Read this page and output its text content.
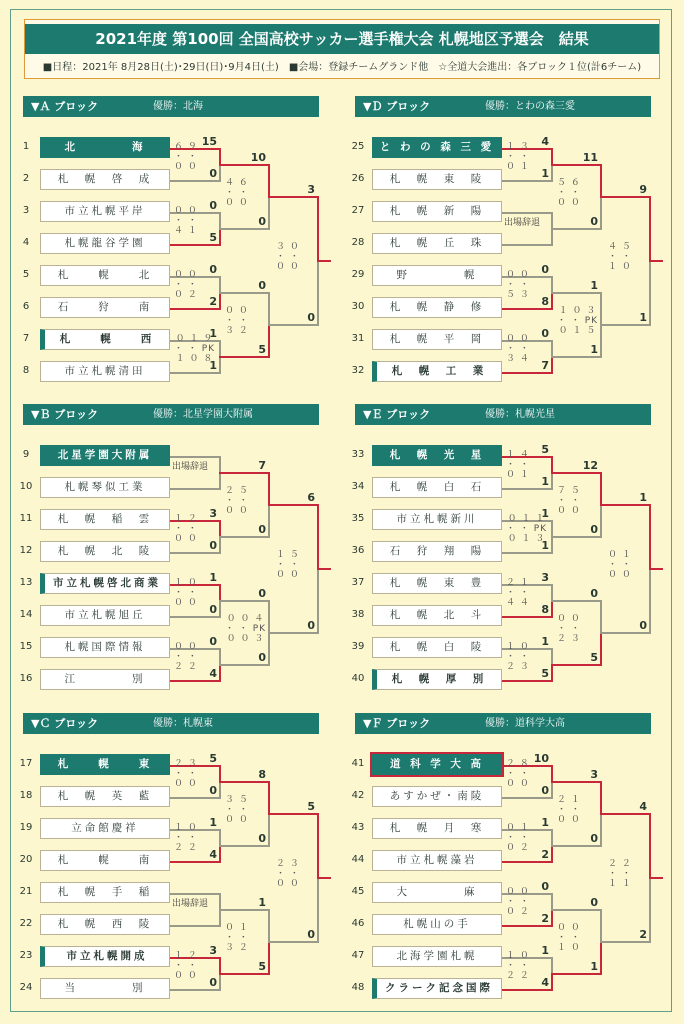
2021年度 第100回 全国高校サッカー選手権大会 札幌地区予選会　結果
■日程：2021年 8月28日(土)･29日(日)･9月4日(土)　■会場：登録チームグランド他　☆全道大会進出：各ブロック１位(計6チーム)
▼Ａ ブロック	優勝：北海
1	北　　　　海
2	札　幌　啓　成
3	市立札幌平岸
4	札幌龍谷学園
5	札　　幌　　北
6	石　　狩　　南
7	札　　幌　　西
8	市立札幌清田
15
0
６ ９
・ ・
０ ０
0
5
０ ０
・ ・
４ １
0
2
０ ０
・ ・
０ ２
1
1
０ １ ９
・ ・ PK
１ ０ ８
10
0
４ ６
・ ・
０ ０
0
5
０ ０
・ ・
３ ２
3
0
３ ０
・ ・
０ ０
▼Ｄ ブロック	優勝：とわの森三愛
25	と わ の 森 三 愛
26	札　幌　東　陵
27	札　幌　新　陽
28	札　幌　丘　珠
29	野　　　　幌
30	札　幌　静　修
31	札　幌　平　岡
32	札　幌　工　業
4
1
１ ３
・ ・
０ １
0
8
０ ０
・ ・
５ ３
0
7
０ ０
・ ・
３ ４
出場辞退
11
0
５ ６
・ ・
０ ０
1
1
１ ０ ３
・ ・ PK
０ １ ５
9
1
４ ５
・ ・
１ ０
▼Ｂ ブロック	優勝：北星学園大附属
9	北星学園大附属
10	札幌琴似工業
11	札　幌　稲　雲
12	札　幌　北　陵
13	市立札幌啓北商業
14	市立札幌旭丘
15	札幌国際情報
16	江　　　　別
3
0
１ ２
・ ・
０ ０
1
0
１ ０
・ ・
０ ０
0
4
０ ０
・ ・
２ ２
出場辞退	7
0
２ ５
・ ・
０ ０
0
0
０ ０ ４
・ ・ PK
０ ０ ３
6
0
１ ５
・ ・
０ ０
▼Ｅ ブロック	優勝：札幌光星
33	札　幌　光　星
34	札　幌　白　石
35	市立札幌新川
36	石　狩　翔　陽
37	札　幌　東　豊
38	札　幌　北　斗
39	札　幌　白　陵
40	札　幌　厚　別
5
1
１ ４
・ ・
０ １
1
1
０ １ １
・ ・ PK
０ １ ３
3
8
２ １
・ ・
４ ４
1
5
１ ０
・ ・
２ ３
12
0
７ ５
・ ・
０ ０
0
5
０ ０
・ ・
２ ３
1
0
０ １
・ ・
０ ０
▼Ｃ ブロック	優勝：札幌東
17	札　　幌　　東
18	札　幌　英　藍
19	立命館慶祥
20	札　　幌　　南
21	札　幌　手　稲
22	札　幌　西　陵
23	市立札幌開成
24	当　　　　別
5
0
２ ３
・ ・
０ ０
1
4
１ ０
・ ・
２ ２
3
0
１ ２
・ ・
０ ０
出場辞退
8
0
３ ５
・ ・
０ ０
1
5
０ １
・ ・
３ ２
5
0
２ ３
・ ・
０ ０
▼Ｆ ブロック	優勝：道科学大高
41	道 科 学 大 高
42	あすかぜ・南陵
43	札　幌　月　寒
44	市立札幌藻岩
45	大　　　　麻
46	札幌山の手
47	北海学園札幌
48	クラーク記念国際
10
0
２ ８
・ ・
０ ０
1
2
０ １
・ ・
０ ２
0
2
０ ０
・ ・
０ ２
1
4
１ ０
・ ・
２ ２
3
0
２ １
・ ・
０ ０
0
1
０ ０
・ ・
１ ０
4
2
２ ２
・ ・
１ １
